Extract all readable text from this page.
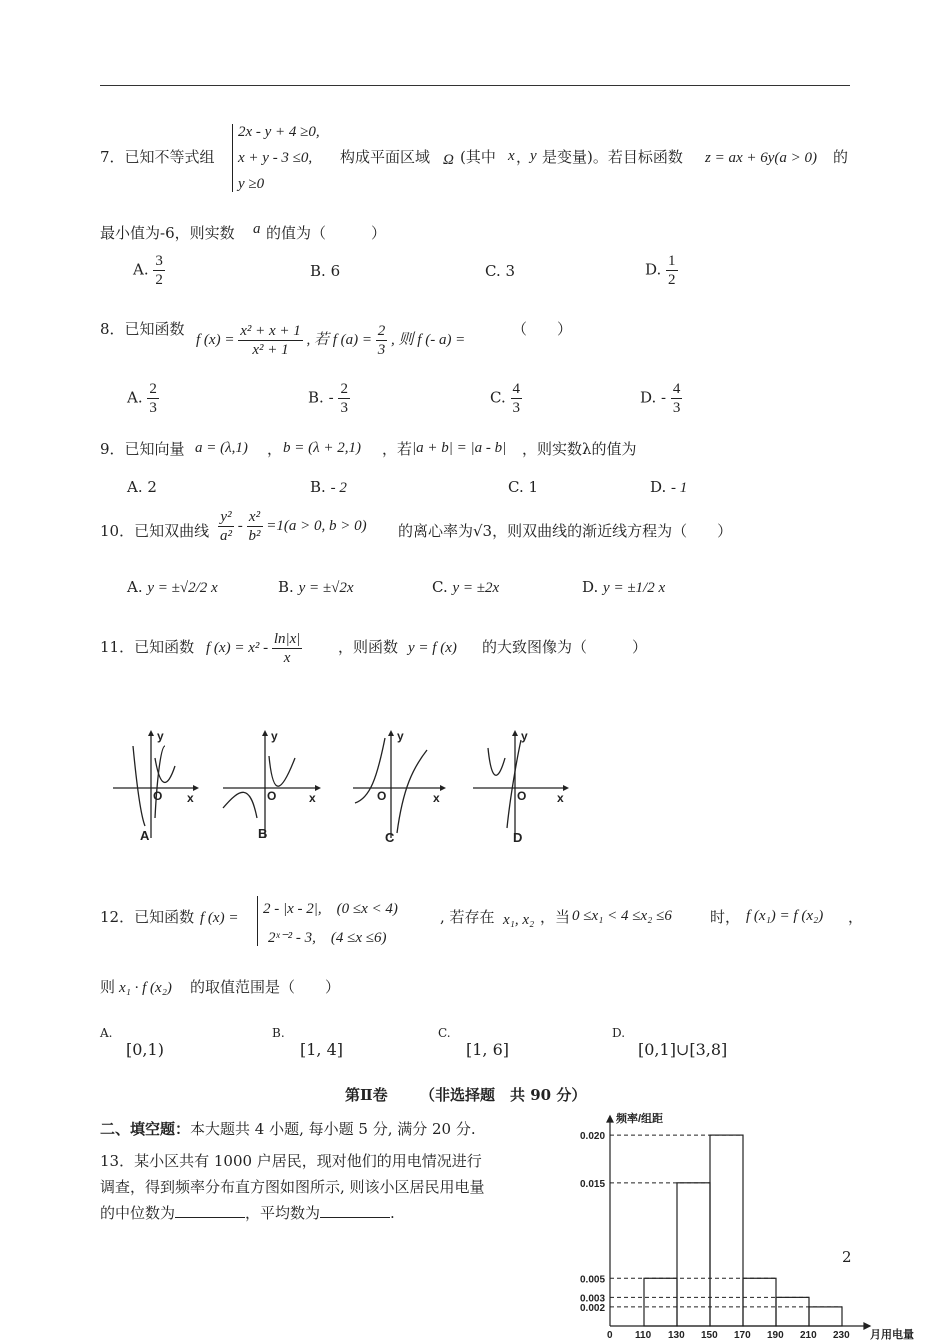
7．已知不等式组
2x - y + 4 ≥0,
x + y - 3 ≤0,
y ≥0
构成平面区域 Ω (其中 x ，
y 是变量)。若目标函数 z = ax + 6y(a > 0) 的
最小值为-6，则实数 a 的值为（　　　）
A. $\frac{3}{2}$	B. 6	C. 3	D. $\frac{1}{2}$
8．已知函数
f $(x) = \frac{\text{x² + x + 1}}{\text{x² + 1}}$ , 若 f $(a) = \frac{2}{3}$ , 则 f (- a) =
（　　）
A. $\frac{2}{3}$	B. - $\frac{2}{3}$	C. $\frac{4}{3}$	D. - $\frac{4}{3}$
9．已知向量 a = (λ,1) ， b = (λ + 2,1) ，若 |a + b| = |a - b| ，则实数λ的值为
A. 2	B. - 2	C. 1	D. - 1
10．已知双曲线 $\frac{\text{y²}}{\text{a²}} - \frac{\text{x²}}{\text{b²}} =1(a > 0$, b > 0) 的离心率为√3，则双曲线的渐近线方程为（　　）
A. y = ±√2/2 x	B. y = ±√2x	C. y = ±2x	D. y = ±1/2 x
11．已知函数 f $(x) = x^2 - \frac{\ln|x|}{x}$ ，则函数 y = f (x) 的大致图像为（　　　）
y
O x
A
y
O	x
B
y
O	x
C
y
O	x
D
12．已知函数 f (x) =
2 - |x - 2|,　(0 ≤x < 4)
2ˣ⁻² - 3,　(4 ≤x ≤6)
, 若存在 x₁, x₂ ，当 0 ≤x₁ < 4 ≤x₂ ≤6	时， f (x₁) = f (x₂) ，
则 x₁ · f (x₂) 的取值范围是（　　）
A.
[0,1)
B.
[1, 4]
C.
[1, 6]
D.
[0,1]∪[3,8]
第Ⅱ卷 （非选择题　共 90 分）
二、填空题：本大题共 4 小题, 每小题 5 分, 满分 20 分.
13．某小区共有 1000 户居民，现对他们的用电情况进行
调查，得到频率分布直方图如图所示, 则该小区居民用电量
的中位数为	，平均数为	.
2
0.020
0.015
0.005
0.003
0.002
0 110 130 150 170 190 210 230
频率/组距
月用电量
